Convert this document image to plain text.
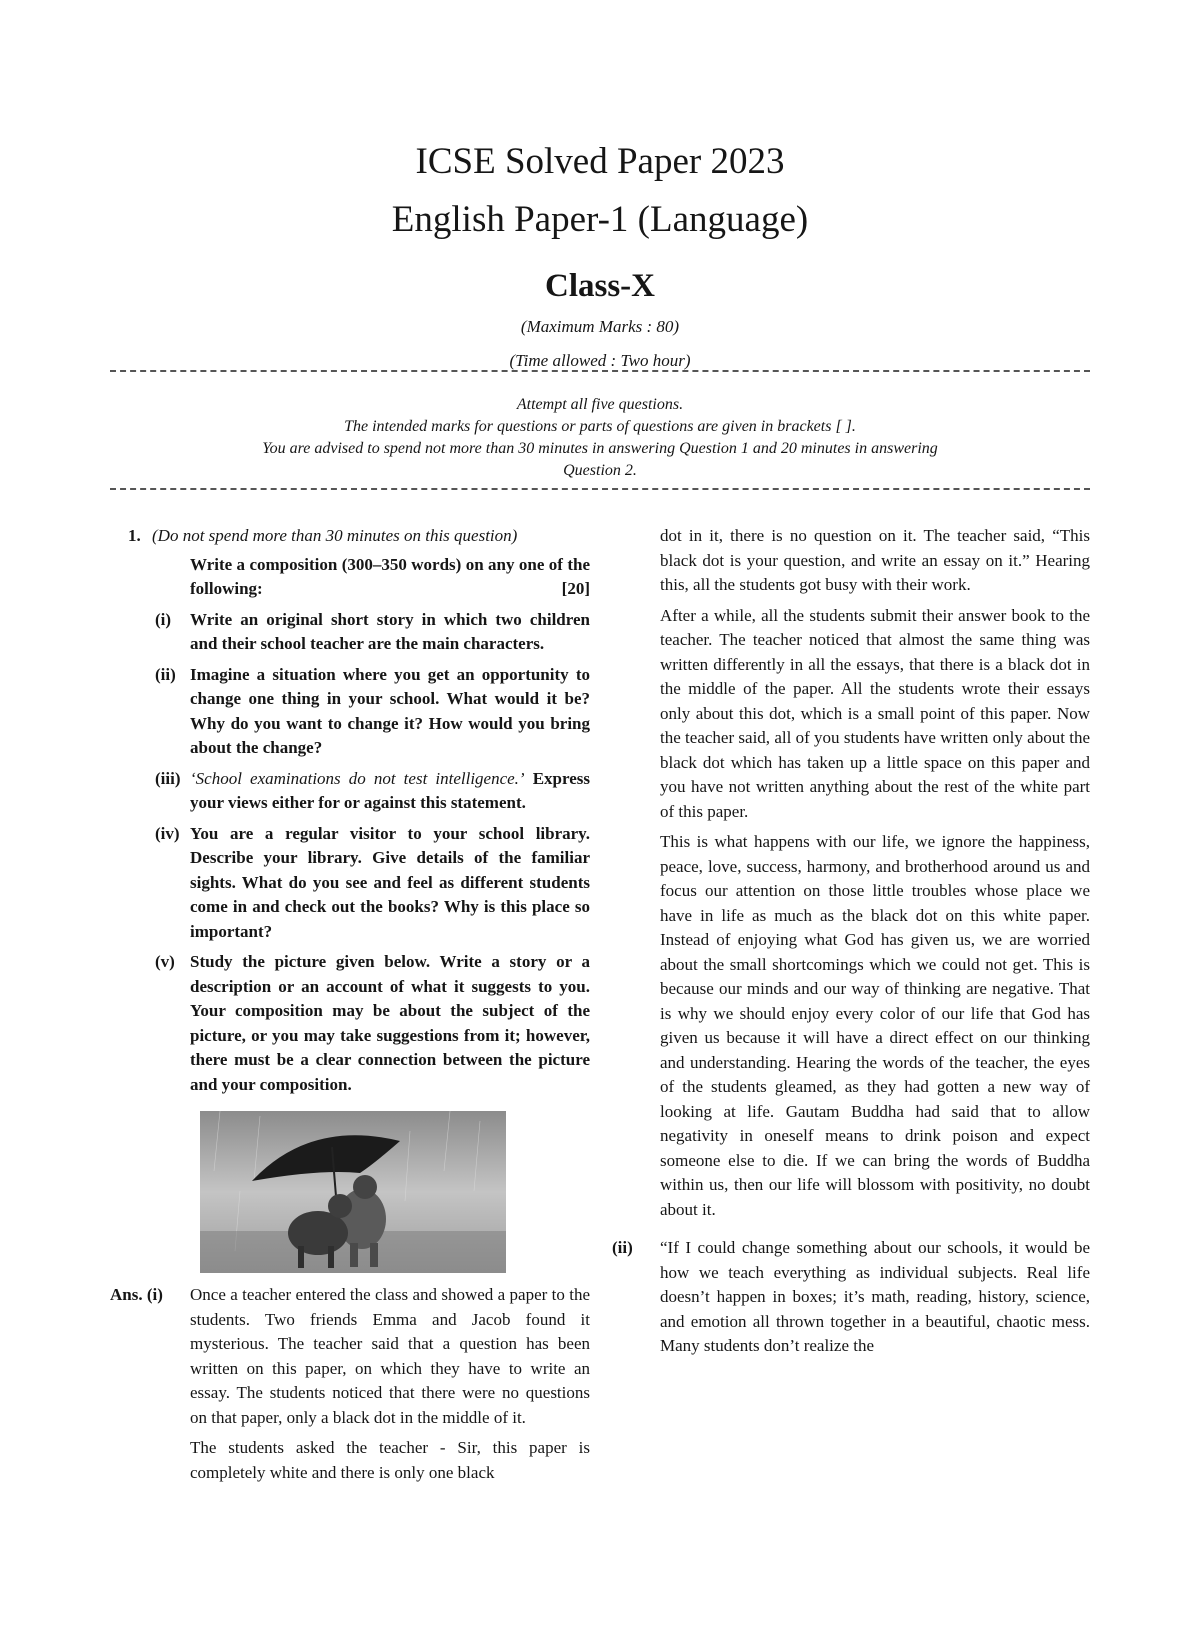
ICSE Solved Paper 2023
English Paper-1 (Language)
Class-X
(Maximum Marks : 80)
(Time allowed : Two hour)

Attempt all five questions.

The intended marks for questions or parts of questions are given in brackets [ ].

You are advised to spend not more than 30 minutes in answering Question 1 and 20 minutes in answering

Question 2.

1. (Do not spend more than 30 minutes on this question)
Write a composition (300–350 words) on any one of the following:	[20]
(i) Write an original short story in which two children and their school teacher are the main characters.
(ii) Imagine a situation where you get an opportunity to change one thing in your school. What would it be? Why do you want to change it? How would you bring about the change?
(iii) ‘School examinations do not test intelligence.’ Express your views either for or against this statement.
(iv) You are a regular visitor to your school library. Describe your library. Give details of the familiar sights. What do you see and feel as different students come in and check out the books? Why is this place so important?
(v) Study the picture given below. Write a story or a description or an account of what it suggests to you. Your composition may be about the subject of the picture, or you may take suggestions from it; however, there must be a clear connection between the picture and your composition.
Ans. (i) Once a teacher entered the class and showed a paper to the students. Two friends Emma and Jacob found it mysterious. The teacher said that a question has been written on this paper, on which they have to write an essay. The students noticed that there were no questions on that paper, only a black dot in the middle of it.
The students asked the teacher - Sir, this paper is completely white and there is only one black

dot in it, there is no question on it. The teacher said, “This black dot is your question, and write an essay on it.” Hearing this, all the students got busy with their work.

After a while, all the students submit their answer book to the teacher. The teacher noticed that almost the same thing was written differently in all the essays, that there is a black dot in the middle of the paper. All the students wrote their essays only about this dot, which is a small point of this paper. Now the teacher said, all of you students have written only about the black dot which has taken up a little space on this paper and you have not written anything about the rest of the white part of this paper.

This is what happens with our life, we ignore the happiness, peace, love, success, harmony, and brotherhood around us and focus our attention on those little troubles whose place we have in life as much as the black dot on this white paper. Instead of enjoying what God has given us, we are worried about the small shortcomings which we could not get. This is because our minds and our way of thinking are negative. That is why we should enjoy every color of our life that God has given us because it will have a direct effect on our thinking and understanding. Hearing the words of the teacher, the eyes of the students gleamed, as they had gotten a new way of looking at life. Gautam Buddha had said that to allow negativity in oneself means to drink poison and expect someone else to die. If we can bring the words of Buddha within us, then our life will blossom with positivity, no doubt about it.

(ii) “If I could change something about our schools, it would be how we teach everything as individual subjects. Real life doesn’t happen in boxes; it’s math, reading, history, science, and emotion all thrown together in a beautiful, chaotic mess. Many students don’t realize the
